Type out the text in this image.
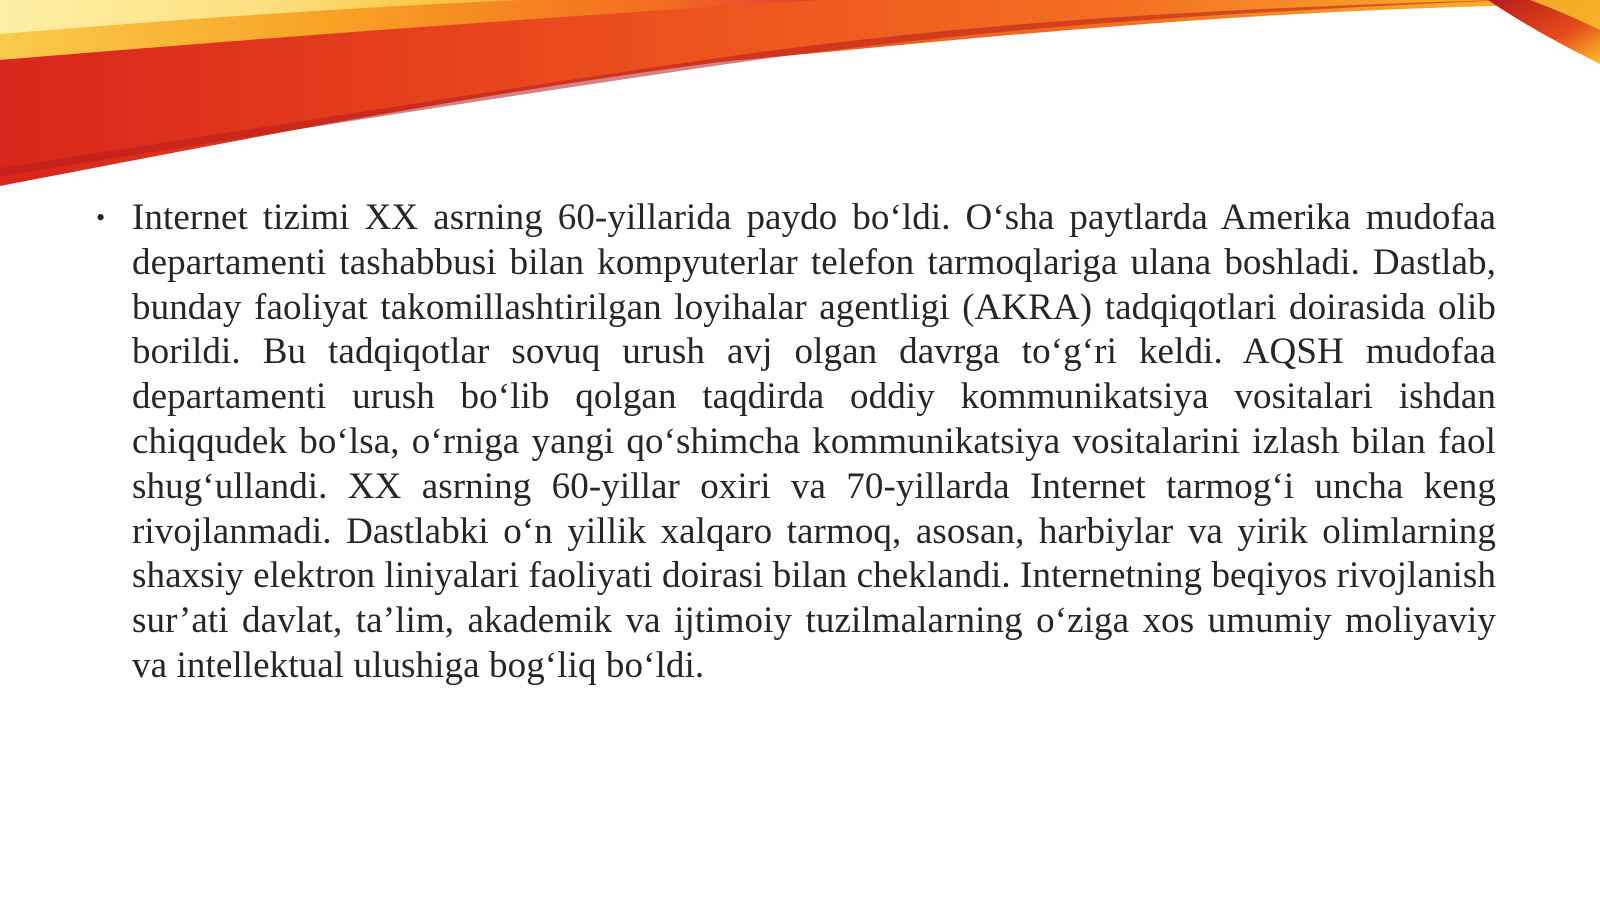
• Internet tizimi XX asrning 60-yillarida paydo boʻldi. Oʻsha paytlarda Amerika mudofaa departamenti tashabbusi bilan kompyuterlar telefon tarmoqlariga ulana boshladi. Dastlab, bunday faoliyat takomillashtirilgan loyihalar agentligi (AKRA) tadqiqotlari doirasida olib borildi. Bu tadqiqotlar sovuq urush avj olgan davrga toʻgʻri keldi. AQSH mudofaa departamenti urush boʻlib qolgan taqdirda oddiy kommunikatsiya vositalari ishdan chiqqudek boʻlsa, oʻrniga yangi qoʻshimcha kommunikatsiya vositalarini izlash bilan faol shugʻullandi. XX asrning 60-yillar oxiri va 70-yillarda Internet tarmogʻi uncha keng rivojlanmadi. Dastlabki oʻn yillik xalqaro tarmoq, asosan, harbiylar va yirik olimlarning shaxsiy elektron liniyalari faoliyati doirasi bilan cheklandi. Internetning beqiyos rivojlanish sur’ati davlat, ta’lim, akademik va ijtimoiy tuzilmalarning oʻziga xos umumiy moliyaviy va intellektual ulushiga bogʻliq boʻldi.
